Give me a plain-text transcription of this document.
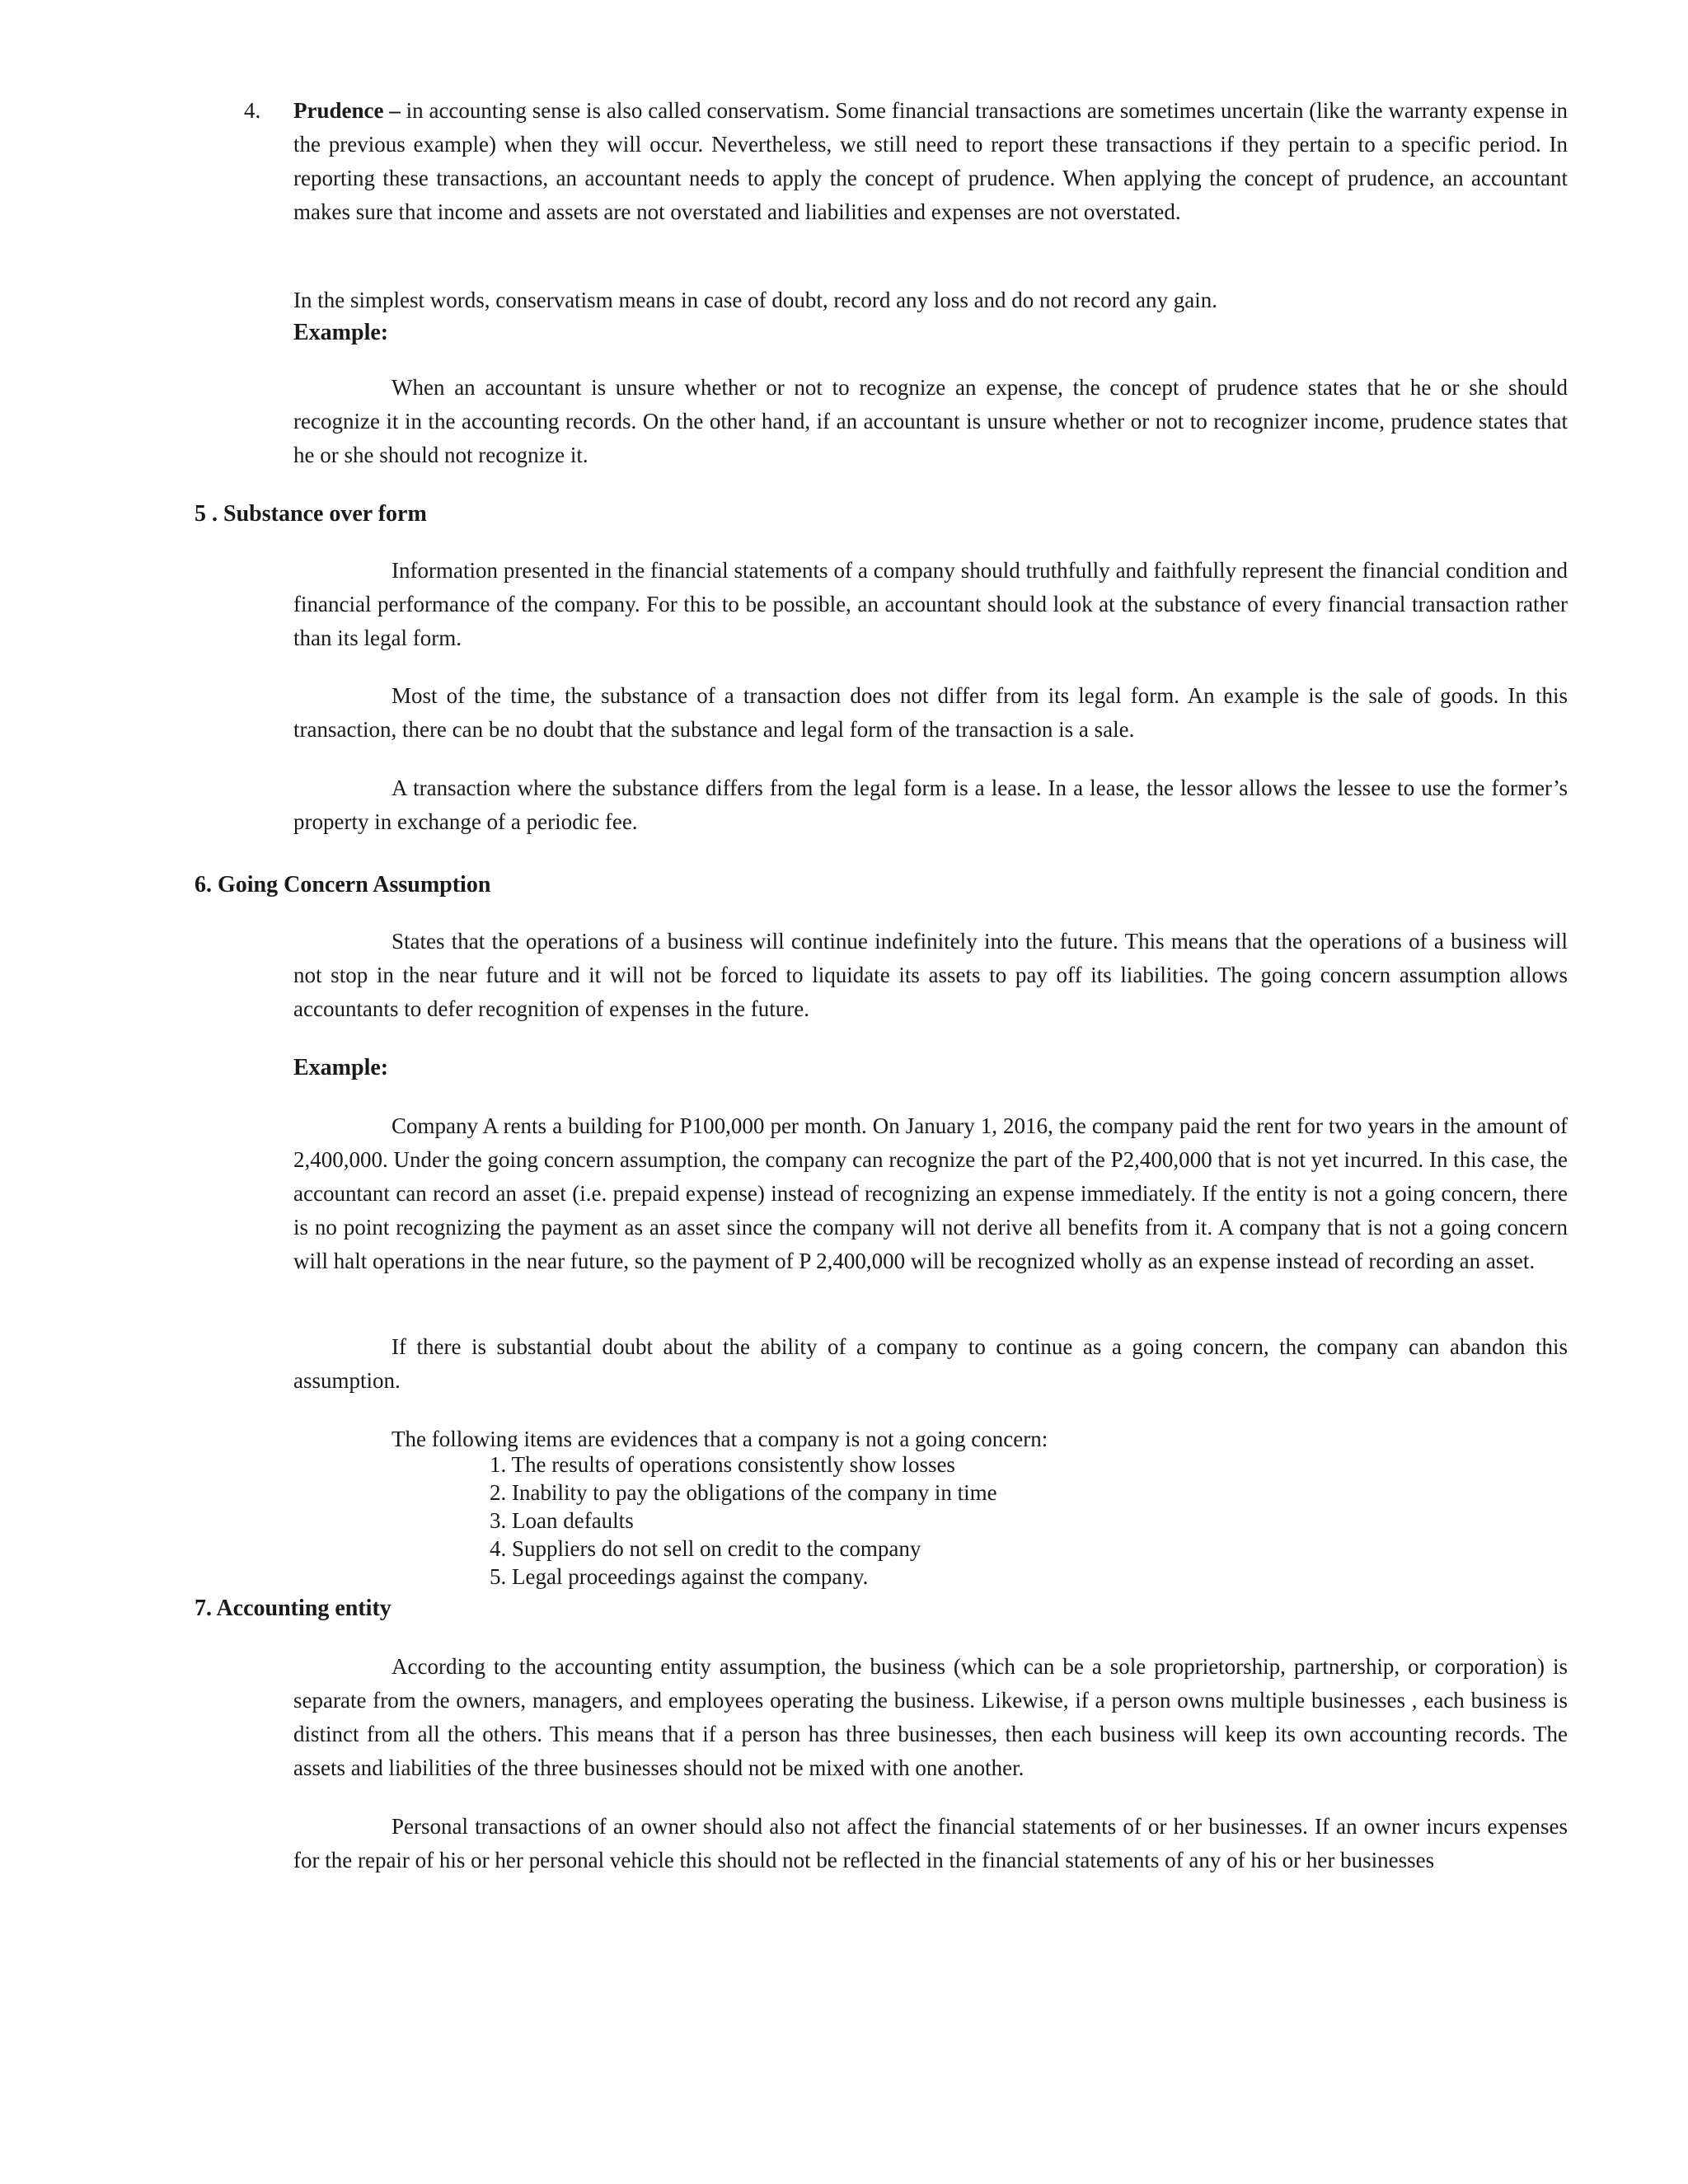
4. Prudence – in accounting sense is also called conservatism. Some financial transactions are sometimes uncertain (like the warranty expense in the previous example) when they will occur. Nevertheless, we still need to report these transactions if they pertain to a specific period. In reporting these transactions, an accountant needs to apply the concept of prudence. When applying the concept of prudence, an accountant makes sure that income and assets are not overstated and liabilities and expenses are not overstated.

In the simplest words, conservatism means in case of doubt, record any loss and do not record any gain.

Example:

When an accountant is unsure whether or not to recognize an expense, the concept of prudence states that he or she should recognize it in the accounting records. On the other hand, if an accountant is unsure whether or not to recognizer income, prudence states that he or she should not recognize it.

5 . Substance over form

Information presented in the financial statements of a company should truthfully and faithfully represent the financial condition and financial performance of the company. For this to be possible, an accountant should look at the substance of every financial transaction rather than its legal form.

Most of the time, the substance of a transaction does not differ from its legal form. An example is the sale of goods. In this transaction, there can be no doubt that the substance and legal form of the transaction is a sale.

A transaction where the substance differs from the legal form is a lease. In a lease, the lessor allows the lessee to use the former’s property in exchange of a periodic fee.

6. Going Concern Assumption

States that the operations of a business will continue indefinitely into the future. This means that the operations of a business will not stop in the near future and it will not be forced to liquidate its assets to pay off its liabilities. The going concern assumption allows accountants to defer recognition of expenses in the future.

Example:

Company A rents a building for P100,000 per month. On January 1, 2016, the company paid the rent for two years in the amount of 2,400,000. Under the going concern assumption, the company can recognize the part of the P2,400,000 that is not yet incurred. In this case, the accountant can record an asset (i.e. prepaid expense) instead of recognizing an expense immediately. If the entity is not a going concern, there is no point recognizing the payment as an asset since the company will not derive all benefits from it. A company that is not a going concern will halt operations in the near future, so the payment of P 2,400,000 will be recognized wholly as an expense instead of recording an asset.

If there is substantial doubt about the ability of a company to continue as a going concern, the company can abandon this assumption.

The following items are evidences that a company is not a going concern:
1. The results of operations consistently show losses
2. Inability to pay the obligations of the company in time
3. Loan defaults
4. Suppliers do not sell on credit to the company
5. Legal proceedings against the company.
7. Accounting entity

According to the accounting entity assumption, the business (which can be a sole proprietorship, partnership, or corporation) is separate from the owners, managers, and employees operating the business. Likewise, if a person owns multiple businesses , each business is distinct from all the others. This means that if a person has three businesses, then each business will keep its own accounting records. The assets and liabilities of the three businesses should not be mixed with one another.

Personal transactions of an owner should also not affect the financial statements of or her businesses. If an owner incurs expenses for the repair of his or her personal vehicle this should not be reflected in the financial statements of any of his or her businesses
